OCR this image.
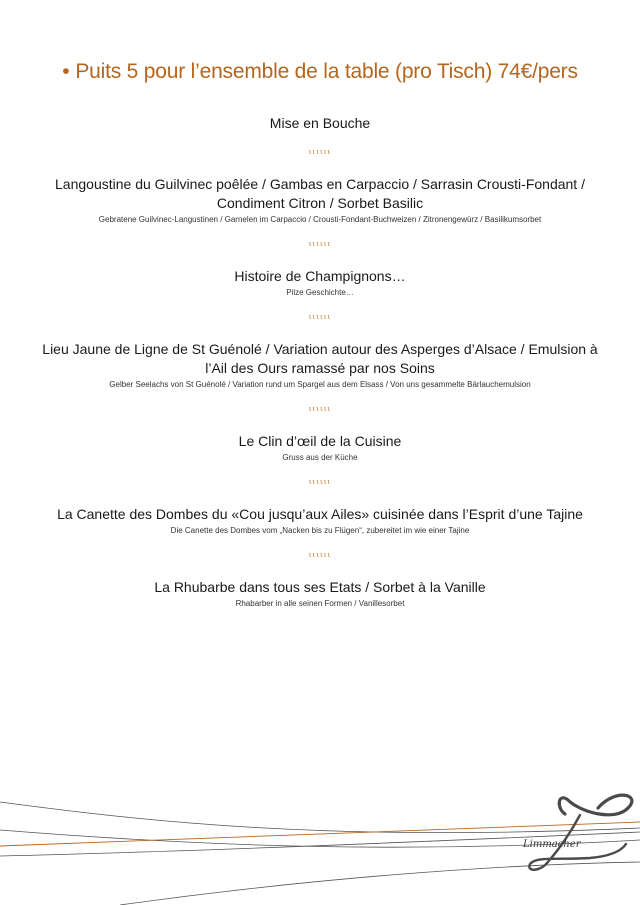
• Puits 5 pour l’ensemble de la table (pro Tisch) 74€/pers
Mise en Bouche
ιιιιιι
Langoustine du Guilvinec poêlée / Gambas en Carpaccio / Sarrasin Crousti-Fondant / Condiment Citron / Sorbet Basilic
Gebratene Guilvinec-Langustinen / Garnelen im Carpaccio / Crousti-Fondant-Buchweizen / Zitronengewürz / Basilikumsorbet
ιιιιιι
Histoire de Champignons…
Pilze Geschichte…
ιιιιιι
Lieu Jaune de Ligne de St Guénolé / Variation autour des Asperges d’Alsace / Emulsion à l’Ail des Ours ramassé par nos Soins
Gelber Seelachs von St Guénolé / Variation rund um Spargel aus dem Elsass / Von uns gesammelte Bärlauchemulsion
ιιιιιι
Le Clin d’œil de la Cuisine
Gruss aus der Küche
ιιιιιι
La Canette des Dombes du «Cou jusqu’aux Ailes» cuisinée dans l’Esprit d’une Tajine
Die Canette des Dombes vom „Nacken bis zu Flügen“, zubereitet im wie einer Tajine
ιιιιιι
La Rhubarbe dans tous ses Etats / Sorbet à la Vanille
Rhabarber in alle seinen Formen / Vanillesorbet
Limmacher
